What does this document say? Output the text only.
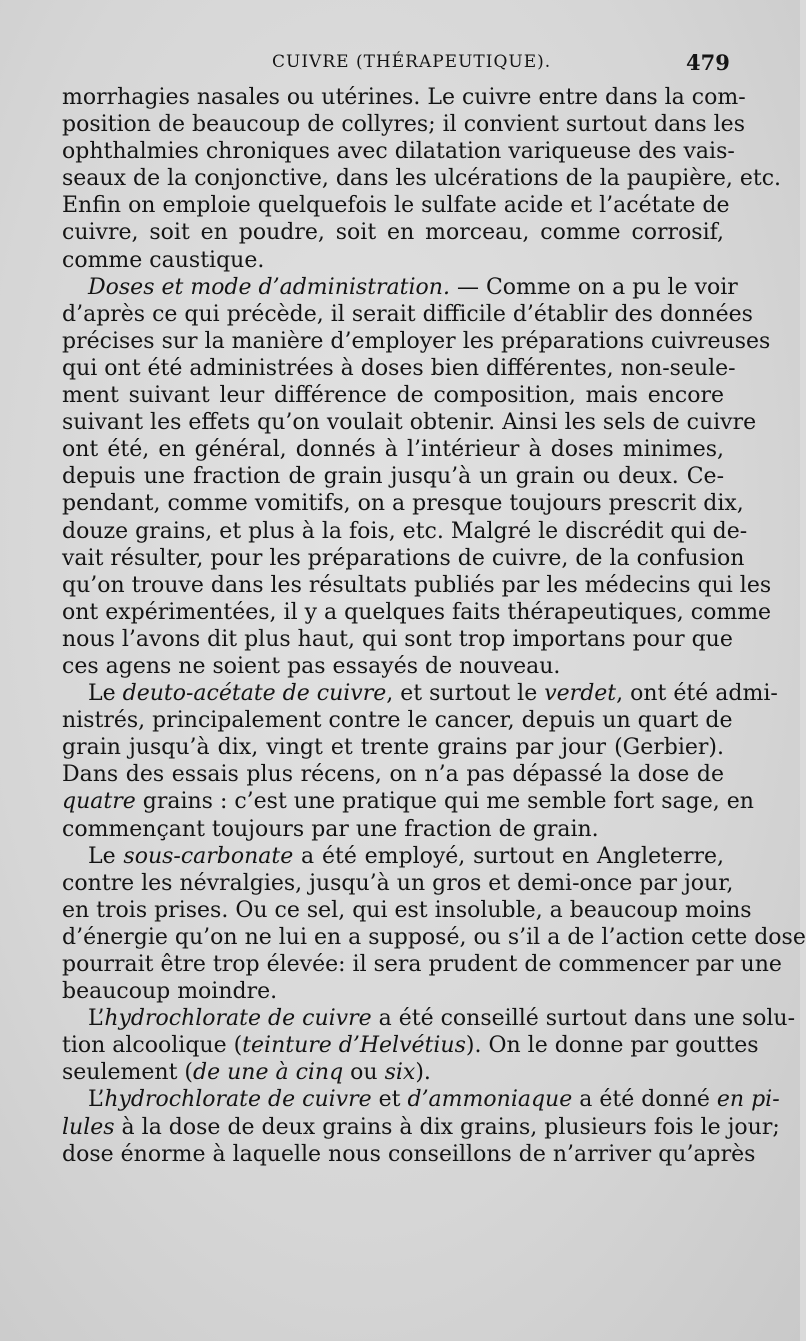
CUIVRE (THÉRAPEUTIQUE).	479
morrhagies nasales ou utérines. Le cuivre entre dans la com-
position de beaucoup de collyres; il convient surtout dans les
ophthalmies chroniques avec dilatation variqueuse des vais-
seaux de la conjonctive, dans les ulcérations de la paupière, etc.
Enfin on emploie quelquefois le sulfate acide et l’acétate de
cuivre, soit en poudre, soit en morceau, comme corrosif,
comme caustique.
Doses et mode d’administration. — Comme on a pu le voir
d’après ce qui précède, il serait difficile d’établir des données
précises sur la manière d’employer les préparations cuivreuses
qui ont été administrées à doses bien différentes, non-seule-
ment suivant leur différence de composition, mais encore
suivant les effets qu’on voulait obtenir. Ainsi les sels de cuivre
ont été, en général, donnés à l’intérieur à doses minimes,
depuis une fraction de grain jusqu’à un grain ou deux. Ce-
pendant, comme vomitifs, on a presque toujours prescrit dix,
douze grains, et plus à la fois, etc. Malgré le discrédit qui de-
vait résulter, pour les préparations de cuivre, de la confusion
qu’on trouve dans les résultats publiés par les médecins qui les
ont expérimentées, il y a quelques faits thérapeutiques, comme
nous l’avons dit plus haut, qui sont trop importans pour que
ces agens ne soient pas essayés de nouveau.
Le deuto-acétate de cuivre, et surtout le verdet, ont été admi-
nistrés, principalement contre le cancer, depuis un quart de
grain jusqu’à dix, vingt et trente grains par jour (Gerbier).
Dans des essais plus récens, on n’a pas dépassé la dose de
quatre grains : c’est une pratique qui me semble fort sage, en
commençant toujours par une fraction de grain.
Le sous-carbonate a été employé, surtout en Angleterre,
contre les névralgies, jusqu’à un gros et demi-once par jour,
en trois prises. Ou ce sel, qui est insoluble, a beaucoup moins
d’énergie qu’on ne lui en a supposé, ou s’il a de l’action cette dose
pourrait être trop élevée: il sera prudent de commencer par une
beaucoup moindre.
L’hydrochlorate de cuivre a été conseillé surtout dans une solu-
tion alcoolique (teinture d’Helvétius). On le donne par gouttes
seulement (de une à cinq ou six).
L’hydrochlorate de cuivre et d’ammoniaque a été donné en pi-
lules à la dose de deux grains à dix grains, plusieurs fois le jour;
dose énorme à laquelle nous conseillons de n’arriver qu’après
